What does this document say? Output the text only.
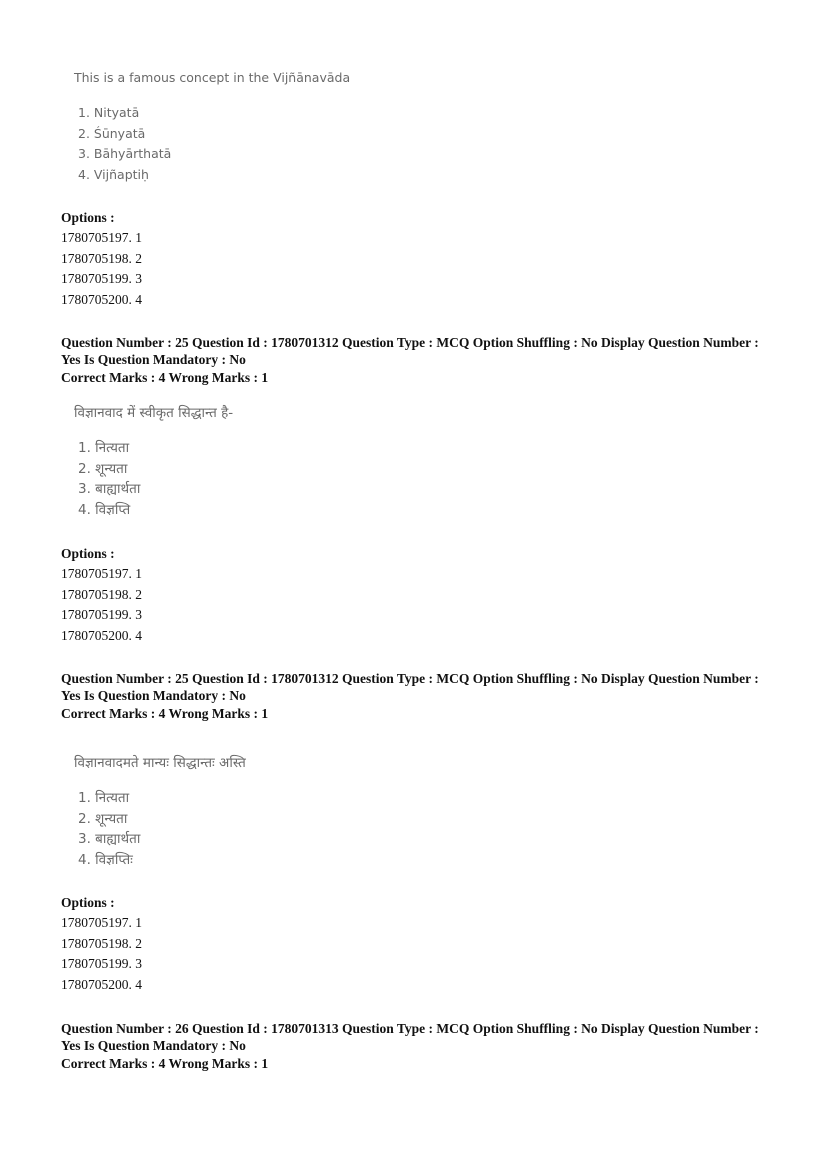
This is a famous concept in the Vijñānavāda
1. Nityatā
2. Śūnyatā
3. Bāhyārthatā
4. Vijñaptiḥ
Options :
1780705197. 1
1780705198. 2
1780705199. 3
1780705200. 4
Question Number : 25 Question Id : 1780701312 Question Type : MCQ Option Shuffling : No Display Question Number : Yes Is Question Mandatory : No
Correct Marks : 4 Wrong Marks : 1
विज्ञानवाद में स्वीकृत सिद्धान्त है-
1. नित्यता
2. शून्यता
3. बाह्यार्थता
4. विज्ञप्ति
Options :
1780705197. 1
1780705198. 2
1780705199. 3
1780705200. 4
Question Number : 25 Question Id : 1780701312 Question Type : MCQ Option Shuffling : No Display Question Number : Yes Is Question Mandatory : No
Correct Marks : 4 Wrong Marks : 1
विज्ञानवादमते मान्यः सिद्धान्तः अस्ति
1. नित्यता
2. शून्यता
3. बाह्यार्थता
4. विज्ञप्तिः
Options :
1780705197. 1
1780705198. 2
1780705199. 3
1780705200. 4
Question Number : 26 Question Id : 1780701313 Question Type : MCQ Option Shuffling : No Display Question Number : Yes Is Question Mandatory : No
Correct Marks : 4 Wrong Marks : 1
